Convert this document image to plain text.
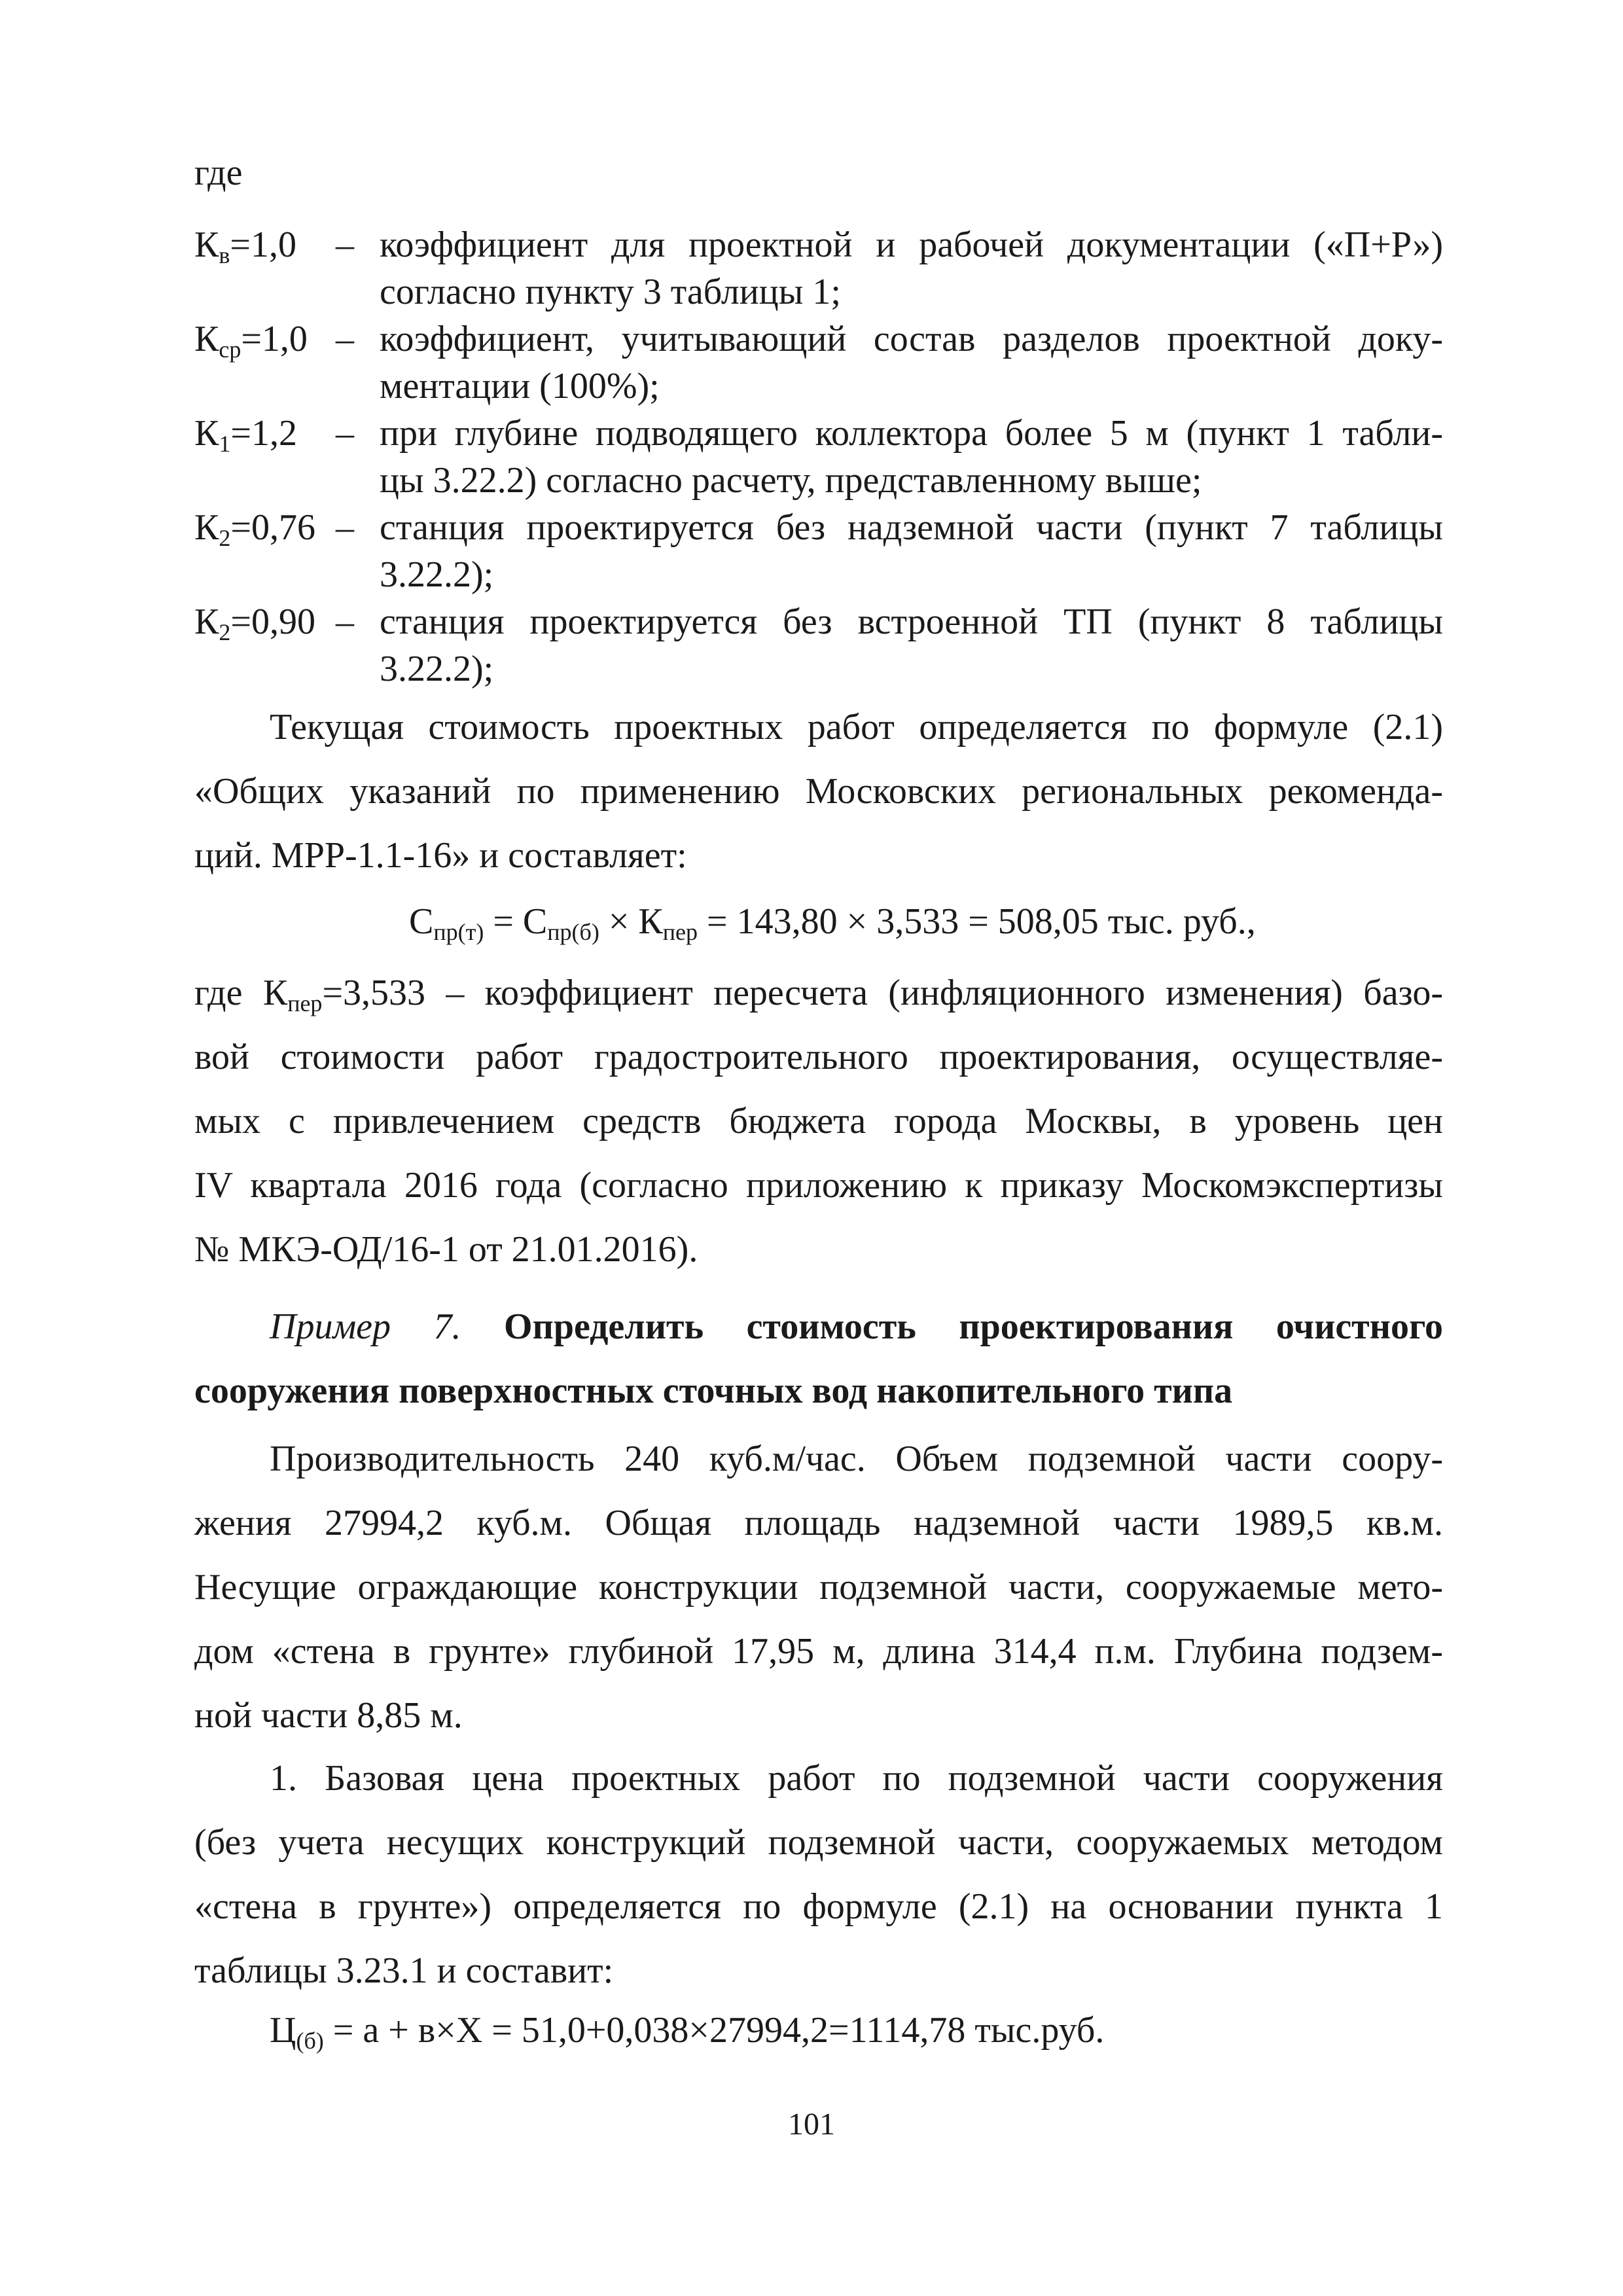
где
$К_в=1,0$ – коэффициент для проектной и рабочей документации («П+Р»)
согласно пункту 3 таблицы 1;
$К_{ср}=1,0$ – коэффициент, учитывающий состав разделов проектной доку-
ментации (100%);
$К_1=1,2$ – при глубине подводящего коллектора более 5 м (пункт 1 табли-
цы 3.22.2) согласно расчету, представленному выше;
$К_2=0,76$ – станция проектируется без надземной части (пункт 7 таблицы
3.22.2);
$К_2=0,90$ – станция проектируется без встроенной ТП (пункт 8 таблицы
3.22.2);
Текущая стоимость проектных работ определяется по формуле (2.1)
«Общих указаний по применению Московских региональных рекоменда-
ций. МРР-1.1-16» и составляет:
$С_{пр(т)} = С_{пр(б)} \times К_{пер} = 143,80 \times 3,533 = 508,05$ тыс. руб.,
где $К_{пер}=3,533$ – коэффициент пересчета (инфляционного изменения) базо-
вой стоимости работ градостроительного проектирования, осуществляе-
мых с привлечением средств бюджета города Москвы, в уровень цен
IV квартала 2016 года (согласно приложению к приказу Москомэкспертизы
№ МКЭ-ОД/16-1 от 21.01.2016).
Пример 7. Определить стоимость проектирования очистного
сооружения поверхностных сточных вод накопительного типа
Производительность 240 куб.м/час. Объем подземной части соору-
жения 27994,2 куб.м. Общая площадь надземной части 1989,5 кв.м.
Несущие ограждающие конструкции подземной части, сооружаемые мето-
дом «стена в грунте» глубиной 17,95 м, длина 314,4 п.м. Глубина подзем-
ной части 8,85 м.
1. Базовая цена проектных работ по подземной части сооружения
(без учета несущих конструкций подземной части, сооружаемых методом
«стена в грунте») определяется по формуле (2.1) на основании пункта 1
таблицы 3.23.1 и составит:
$Ц_{(б)} = а + в\times Х = 51,0+0,038\times 27994,2=1114,78$ тыс.руб.
101
